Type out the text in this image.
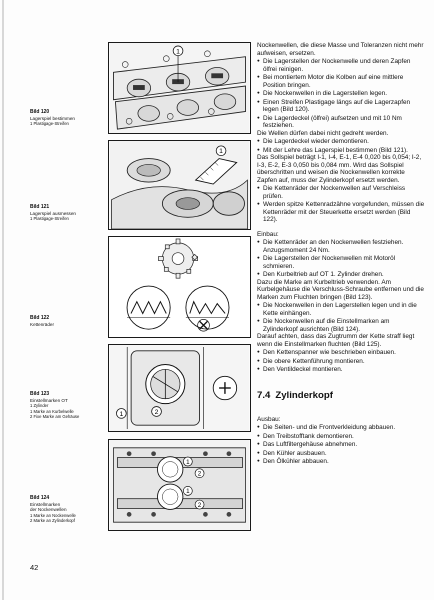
Bild 120
Lagerspiel bestimmen
1 Plastigage-Streifen
Bild 121
Lagerspiel ausmessen
1 Plastigage-Streifen
Bild 122
Kettenräder
Bild 123
Einstellmarken OT
1 Zylinder
1 Marke an Kurbelwelle
2 Fixe Marke am Gehäuse
Bild 124
Einstellmarken
der Nockenwellen
1 Marke an Nockenwelle
2 Marke an Zylinderkopf
1
1
1	2
1
2
1
2
Nockenwellen, die diese Masse und Toleranzen nicht mehr aufweisen, ersetzen.
● Die Lagerstellen der Nockenwelle und deren Zapfen ölfrei reinigen.
● Bei montiertem Motor die Kolben auf eine mittlere Position bringen.
● Die Nockenwellen in die Lagerstellen legen.
● Einen Streifen Plastigage längs auf die Lagerzapfen legen (Bild 120).
● Die Lagerdeckel (ölfrei) aufsetzen und mit 10 Nm festziehen.
Die Wellen dürfen dabei nicht gedreht werden.
● Die Lagerdeckel wieder demontieren.
● Mit der Lehre das Lagerspiel bestimmen (Bild 121).
Das Sollspiel beträgt I-1, I-4, E-1, E-4 0,020 bis 0,054; I-2, I-3, E-2, E-3 0,050 bis 0,084 mm. Wird das Sollspiel überschritten und weisen die Nockenwellen korrekte Zapfen auf, muss der Zylinderkopf ersetzt werden.
● Die Kettenräder der Nockenwellen auf Verschleiss prüfen.
● Werden spitze Kettenradzähne vorgefunden, müssen die Kettenräder mit der Steuerkette ersetzt werden (Bild 122).
Einbau:
● Die Kettenräder an den Nockenwellen festziehen. Anzugsmoment 24 Nm.
● Die Lagerstellen der Nockenwellen mit Motoröl schmieren.
● Den Kurbeltrieb auf OT 1. Zylinder drehen.
Dazu die Marke am Kurbeltrieb verwenden. Am Kurbelgehäuse die Verschluss-Schraube entfernen und die Marken zum Fluchten bringen (Bild 123).
● Die Nockenwellen in den Lagerstellen legen und in die Kette einhängen.
● Die Nockenwellen auf die Einstellmarken am Zylinderkopf ausrichten (Bild 124).
Darauf achten, dass das Zugtrumm der Kette straff liegt wenn die Einstellmarken fluchten (Bild 125).
● Den Kettenspanner wie beschrieben einbauen.
● Die obere Kettenführung montieren.
● Den Ventildeckel montieren.
7.4 Zylinderkopf
Ausbau:
● Die Seiten- und die Frontverkleidung abbauen.
● Den Treibstofftank demontieren.
● Das Luftfiltergehäuse abnehmen.
● Den Kühler ausbauen.
● Den Ölkühler abbauen.
42
